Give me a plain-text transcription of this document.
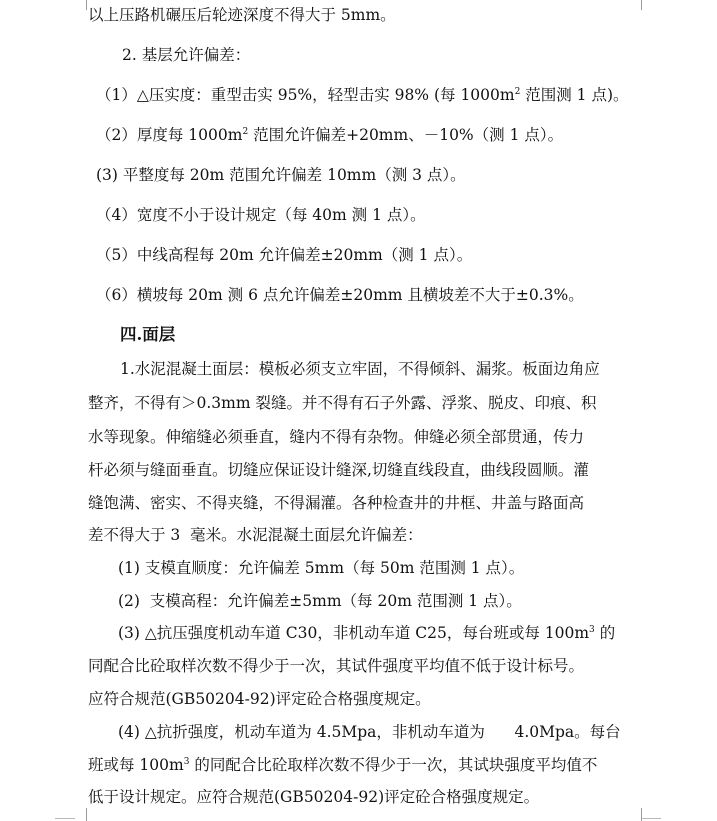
以上压路机碾压后轮迹深度不得大于 5mm。
2. 基层允许偏差：
（1）△压实度：重型击实 95%，轻型击实 98% (每 $1000m^2$ 范围测 1 点)。
（2）厚度每 $1000m^2$ 范围允许偏差+20mm、－10%（测 1 点）。
(3) 平整度每 20m 范围允许偏差 10mm（测 3 点）。
（4）宽度不小于设计规定（每 40m 测 1 点）。
（5）中线高程每 20m 允许偏差±20mm（测 1 点）。
（6）横坡每 20m 测 6 点允许偏差±20mm 且横坡差不大于±0.3%。
四.面层
1.水泥混凝土面层：模板必须支立牢固，不得倾斜、漏浆。板面边角应
整齐，不得有＞0.3mm 裂缝。并不得有石子外露、浮浆、脱皮、印痕、积
水等现象。伸缩缝必须垂直，缝内不得有杂物。伸缝必须全部贯通，传力
杆必须与缝面垂直。切缝应保证设计缝深,切缝直线段直，曲线段圆顺。灌
缝饱满、密实、不得夹缝，不得漏灌。各种检查井的井框、井盖与路面高
差不得大于 3  毫米。水泥混凝土面层允许偏差：
(1) 支模直顺度：允许偏差 5mm（每 50m 范围测 1 点）。
(2)  支模高程：允许偏差±5mm（每 20m 范围测 1 点）。
(3) △抗压强度机动车道 C30，非机动车道 C25，每台班或每 $100m^3$ 的
同配合比砼取样次数不得少于一次，其试件强度平均值不低于设计标号。
应符合规范(GB50204-92)评定砼合格强度规定。
(4) △抗折强度，机动车道为 4.5Mpa，非机动车道为      4.0Mpa。每台
班或每 $100m^3$ 的同配合比砼取样次数不得少于一次，其试块强度平均值不
低于设计规定。应符合规范(GB50204-92)评定砼合格强度规定。
